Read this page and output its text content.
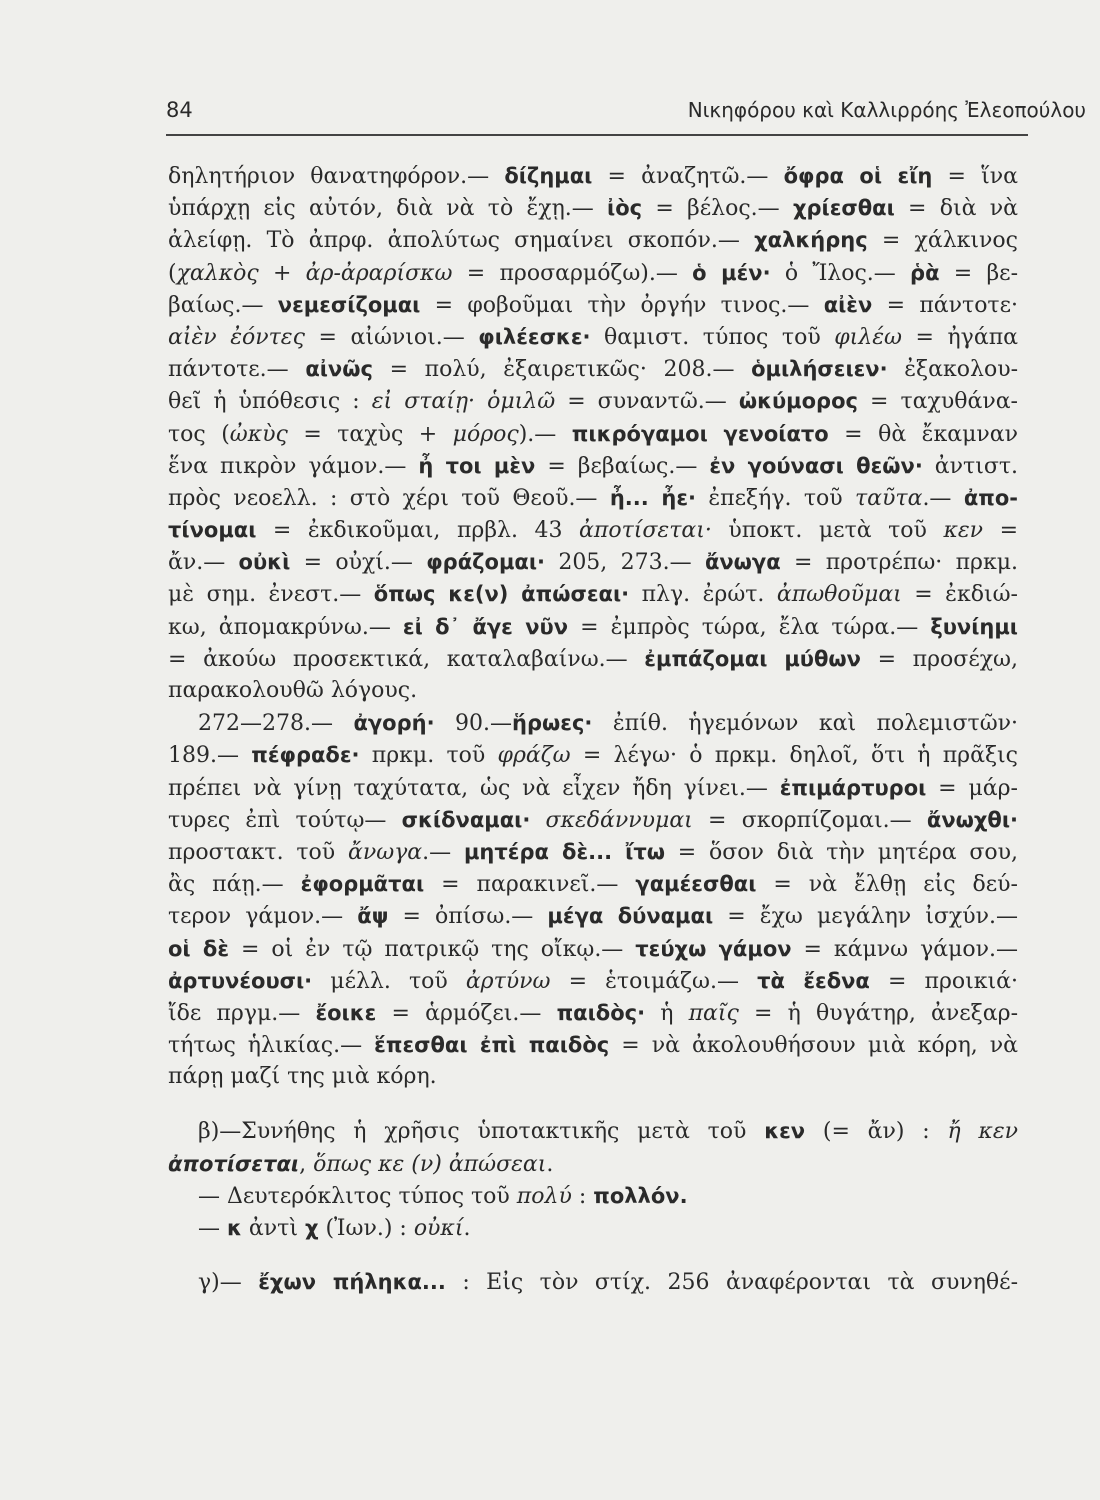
84	Νικηφόρου καὶ Καλλιρρόης Ἐλεοπούλου
δηλητήριον θανατηφόρον.— δίζημαι = ἀναζητῶ.— ὄφρα οἱ εἴη = ἵνα
ὑπάρχῃ εἰς αὐτόν, διὰ νὰ τὸ ἔχῃ.— ἰὸς = βέλος.— χρίεσθαι = διὰ νὰ
ἀλείφῃ. Τὸ ἀπρφ. ἀπολύτως σημαίνει σκοπόν.— χαλκήρης = χάλκινος
(χαλκὸς + ἀρ-ἀραρίσκω = προσαρμόζω).— ὁ μέν· ὁ Ἴλος.— ῥὰ = βε-
βαίως.— νεμεσίζομαι = φοβοῦμαι τὴν ὀργήν τινος.— αἰὲν = πάντοτε·
αἰὲν ἐόντες = αἰώνιοι.— φιλέεσκε· θαμιστ. τύπος τοῦ φιλέω = ἠγάπα
πάντοτε.— αἰνῶς = πολύ, ἐξαιρετικῶς· 208.— ὁμιλήσειεν· ἐξακολου-
θεῖ ἡ ὑπόθεσις : εἰ σταίῃ· ὁμιλῶ = συναντῶ.— ὠκύμορος = ταχυθάνα-
τος (ὠκὺς = ταχὺς + μόρος).— πικρόγαμοι γενοίατο = θὰ ἔκαμναν
ἕνα πικρὸν γάμον.— ἦ τοι μὲν = βεβαίως.— ἐν γούνασι θεῶν· ἀντιστ.
πρὸς νεοελλ. : στὸ χέρι τοῦ Θεοῦ.— ἦ... ἦε· ἐπεξήγ. τοῦ ταῦτα.— ἀπο-
τίνομαι = ἐκδικοῦμαι, πρβλ. 43 ἀποτίσεται· ὑποκτ. μετὰ τοῦ κεν =
ἄν.— οὐκὶ = οὐχί.— φράζομαι· 205, 273.— ἄνωγα = προτρέπω· πρκμ.
μὲ σημ. ἐνεστ.— ὅπως κε(ν) ἀπώσεαι· πλγ. ἐρώτ. ἀπωθοῦμαι = ἐκδιώ-
κω, ἀπομακρύνω.— εἰ δ᾽ ἄγε νῦν = ἐμπρὸς τώρα, ἔλα τώρα.— ξυνίημι
= ἀκούω προσεκτικά, καταλαβαίνω.— ἐμπάζομαι μύθων = προσέχω,
παρακολουθῶ λόγους.
272—278.— ἀγορή· 90.—ἥρωες· ἐπίθ. ἡγεμόνων καὶ πολεμιστῶν·
189.— πέφραδε· πρκμ. τοῦ φράζω = λέγω· ὁ πρκμ. δηλοῖ, ὅτι ἡ πρᾶξις
πρέπει νὰ γίνῃ ταχύτατα, ὡς νὰ εἶχεν ἤδη γίνει.— ἐπιμάρτυροι = μάρ-
τυρες ἐπὶ τούτῳ— σκίδναμαι· σκεδάννυμαι = σκορπίζομαι.— ἄνωχθι·
προστακτ. τοῦ ἄνωγα.— μητέρα δὲ... ἴτω = ὅσον διὰ τὴν μητέρα σου,
ἂς πάῃ.— ἐφορμᾶται = παρακινεῖ.— γαμέεσθαι = νὰ ἔλθῃ εἰς δεύ-
τερον γάμον.— ἄψ = ὀπίσω.— μέγα δύναμαι = ἔχω μεγάλην ἰσχύν.—
οἱ δὲ = οἱ ἐν τῷ πατρικῷ της οἴκῳ.— τεύχω γάμον = κάμνω γάμον.—
ἀρτυνέουσι· μέλλ. τοῦ ἀρτύνω = ἑτοιμάζω.— τὰ ἔεδνα = προικιά·
ἴδε πργμ.— ἔοικε = ἁρμόζει.— παιδὸς· ἡ παῖς = ἡ θυγάτηρ, ἀνεξαρ-
τήτως ἡλικίας.— ἕπεσθαι ἐπὶ παιδὸς = νὰ ἀκολουθήσουν μιὰ κόρη, νὰ
πάρῃ μαζί της μιὰ κόρη.
β)—Συνήθης ἡ χρῆσις ὑποτακτικῆς μετὰ τοῦ κεν (= ἄν) : ἤ κεν
ἀποτίσεται, ὅπως κε (ν) ἀπώσεαι.
— Δευτερόκλιτος τύπος τοῦ πολύ : πολλόν.
— κ ἀντὶ χ (Ἰων.) : οὐκί.
γ)— ἔχων πήληκα... : Εἰς τὸν στίχ. 256 ἀναφέρονται τὰ συνηθέ-
